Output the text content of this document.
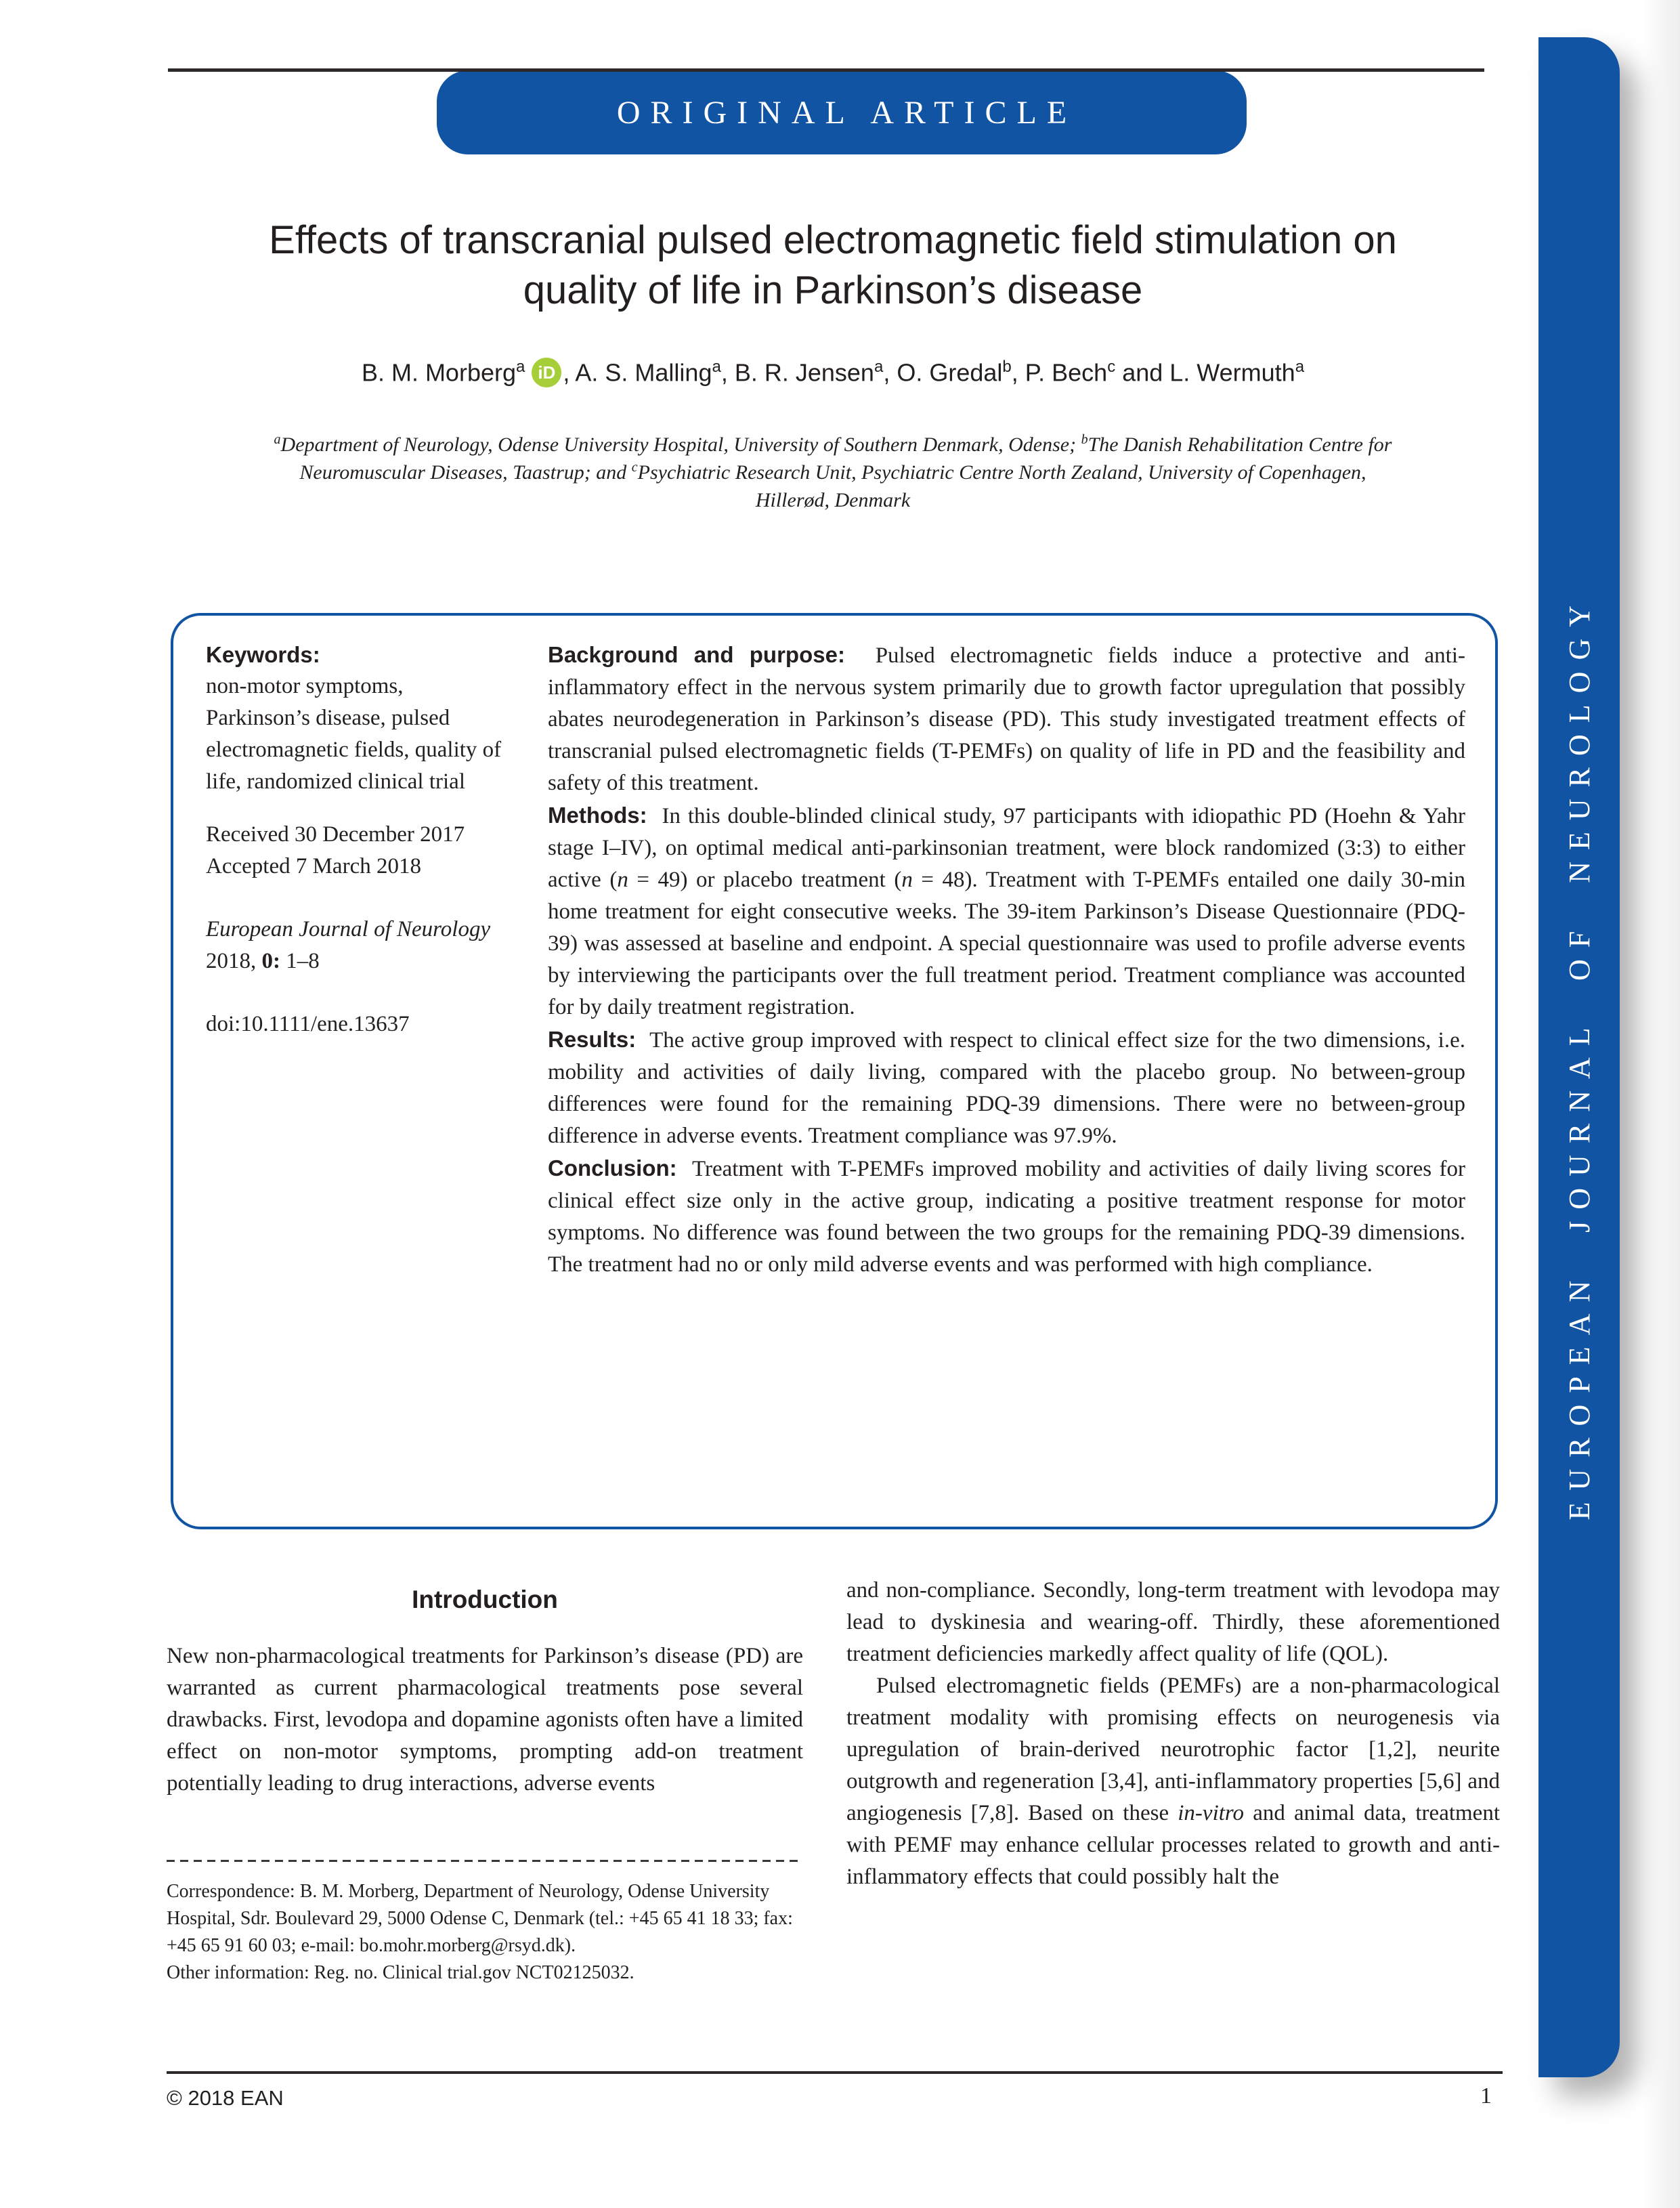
ORIGINAL ARTICLE
EUROPEAN JOURNAL OF NEUROLOGY
Effects of transcranial pulsed electromagnetic field stimulation on
quality of life in Parkinson’s disease
B. M. Morberg$^a$ iD , A. S. Malling$^a$, B. R. Jensen$^a$, O. Gredal$^b$, P. Bech$^c$ and L. Wermuth$^a$
$^a$Department of Neurology, Odense University Hospital, University of Southern Denmark, Odense; $^b$The Danish Rehabilitation Centre for
Neuromuscular Diseases, Taastrup; and $^c$Psychiatric Research Unit, Psychiatric Centre North Zealand, University of Copenhagen,
Hillerød, Denmark
Keywords:
non-motor symptoms, Parkinson’s disease, pulsed electromagnetic fields, quality of life, randomized clinical trial
Received 30 December 2017
Accepted 7 March 2018
European Journal of Neurology 2018, 0: 1–8
doi:10.1111/ene.13637
Background and purpose: Pulsed electromagnetic fields induce a protective and anti-inflammatory effect in the nervous system primarily due to growth factor upregulation that possibly abates neurodegeneration in Parkinson’s disease (PD). This study investigated treatment effects of transcranial pulsed electromagnetic fields (T-PEMFs) on quality of life in PD and the feasibility and safety of this treatment.
Methods: In this double-blinded clinical study, 97 participants with idiopathic PD (Hoehn & Yahr stage I–IV), on optimal medical anti-parkinsonian treatment, were block randomized (3:3) to either active (n = 49) or placebo treatment (n = 48). Treatment with T-PEMFs entailed one daily 30-min home treatment for eight consecutive weeks. The 39-item Parkinson’s Disease Questionnaire (PDQ-39) was assessed at baseline and endpoint. A special questionnaire was used to profile adverse events by interviewing the participants over the full treatment period. Treatment compliance was accounted for by daily treatment registration.
Results: The active group improved with respect to clinical effect size for the two dimensions, i.e. mobility and activities of daily living, compared with the placebo group. No between-group differences were found for the remaining PDQ-39 dimensions. There were no between-group difference in adverse events. Treatment compliance was 97.9%.
Conclusion: Treatment with T-PEMFs improved mobility and activities of daily living scores for clinical effect size only in the active group, indicating a positive treatment response for motor symptoms. No difference was found between the two groups for the remaining PDQ-39 dimensions. The treatment had no or only mild adverse events and was performed with high compliance.
Introduction
New non-pharmacological treatments for Parkinson’s disease (PD) are warranted as current pharmacological treatments pose several drawbacks. First, levodopa and dopamine agonists often have a limited effect on non-motor symptoms, prompting add-on treatment potentially leading to drug interactions, adverse events
and non-compliance. Secondly, long-term treatment with levodopa may lead to dyskinesia and wearing-off. Thirdly, these aforementioned treatment deficiencies markedly affect quality of life (QOL).
Pulsed electromagnetic fields (PEMFs) are a non-pharmacological treatment modality with promising effects on neurogenesis via upregulation of brain-derived neurotrophic factor [1,2], neurite outgrowth and regeneration [3,4], anti-inflammatory properties [5,6] and angiogenesis [7,8]. Based on these in-vitro and animal data, treatment with PEMF may enhance cellular processes related to growth and anti-inflammatory effects that could possibly halt the
Correspondence: B. M. Morberg, Department of Neurology, Odense University Hospital, Sdr. Boulevard 29, 5000 Odense C, Denmark (tel.: +45 65 41 18 33; fax: +45 65 91 60 03; e-mail: bo.mohr.morberg@rsyd.dk).
Other information: Reg. no. Clinical trial.gov NCT02125032.
© 2018 EAN	1
